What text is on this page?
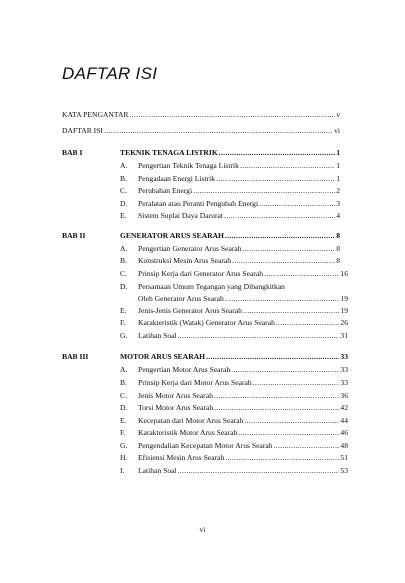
DAFTAR ISI
KATA PENGANTAR .....	v
DAFTAR ISI .....	vi
BAB I	TEKNIK TENAGA LISTRIK .....	1
A.	Pengertian Teknik Tenaga Listrik .....	1
B.	Pengadaan Energi Listrik .....	1
C.	Perubahan Energi .....	2
D.	Peralatan atau Peranti Pengubah Energi .....	3
E.	Sistem Suplai Daya Darurat .....	4
BAB II	GENERATOR ARUS SEARAH .....	8
A.	Pengertian Generator Arus Searah .....	8
B.	Konstruksi Mesin Arus Searah .....	8
C.	Prinsip Kerja dari Generator Arus Searah .....	16
D.	Persamaan Umum Tegangan yang Dibangkitkan
Oleh Generator Arus Searah .....	19
E.	Jenis-Jenis Generator Arus Searah .....	19
F.	Karakteristik (Watak) Generator Arus Searah .....	26
G.	Latihan Soal .....	31
BAB III	MOTOR ARUS SEARAH .....	33
A.	Pengertian Motor Arus Searah .....	33
B.	Prinsip Kerja dari Motor Arus Searah .....	33
C.	Jenis Motor Arus Searah .....	36
D.	Torsi Motor Arus Searah .....	42
E.	Kecepatan dari Motor Arus Searah .....	44
F.	Karakteristik Motor Arus Searah .....	46
G.	Pengendalian Kecepatan Motor Arus Searah .....	48
H.	Efisiensi Mesin Arus Searah .....	51
I.	Latihan Soal .....	53
vi
